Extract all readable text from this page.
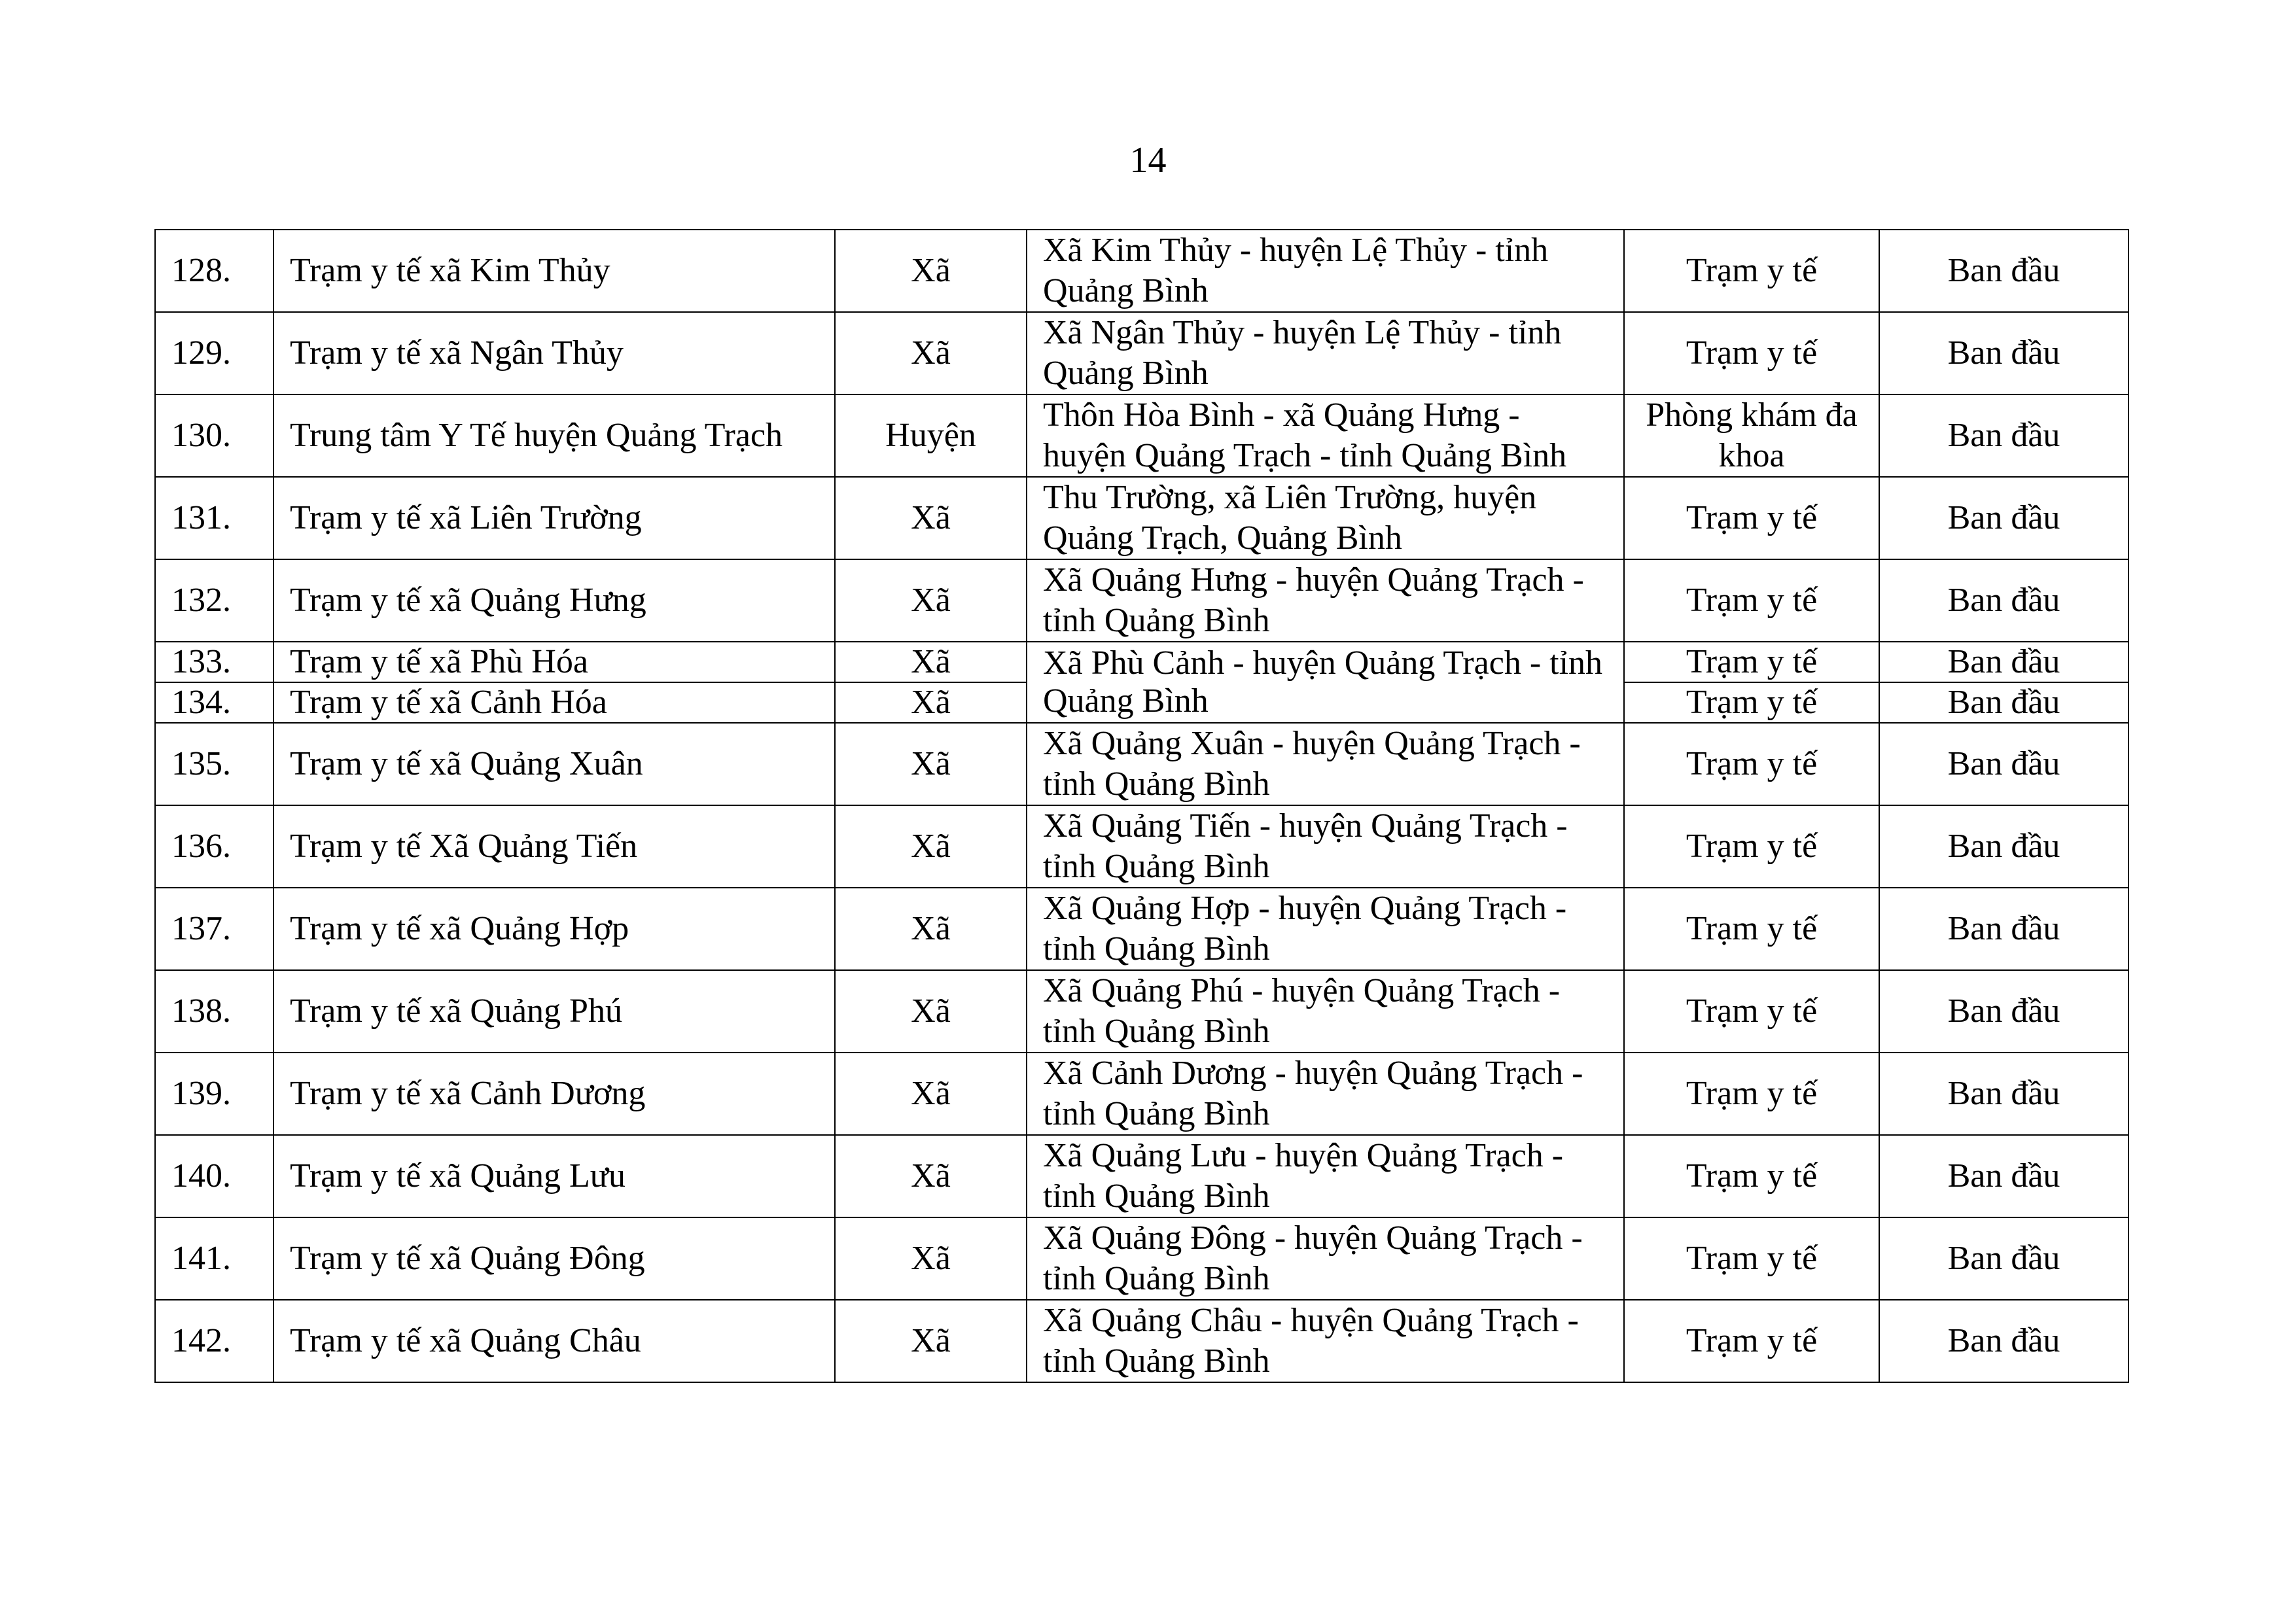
14
128.	Trạm y tế xã Kim Thủy	Xã	Xã Kim Thủy - huyện Lệ Thủy - tỉnh Quảng Bình	Trạm y tế	Ban đầu
129.	Trạm y tế xã Ngân Thủy	Xã	Xã Ngân Thủy - huyện Lệ Thủy - tỉnh Quảng Bình	Trạm y tế	Ban đầu
130.	Trung tâm Y Tế huyện Quảng Trạch	Huyện	Thôn Hòa Bình - xã Quảng Hưng - huyện Quảng Trạch - tỉnh Quảng Bình	Phòng khám đa khoa	Ban đầu
131.	Trạm y tế xã Liên Trường	Xã	Thu Trường, xã Liên Trường, huyện Quảng Trạch, Quảng Bình	Trạm y tế	Ban đầu
132.	Trạm y tế xã Quảng Hưng	Xã	Xã Quảng Hưng - huyện Quảng Trạch - tỉnh Quảng Bình	Trạm y tế	Ban đầu
133.	Trạm y tế xã Phù Hóa	Xã	Xã Phù Cảnh - huyện Quảng Trạch - tỉnh Quảng Bình	Trạm y tế	Ban đầu
134.	Trạm y tế xã Cảnh Hóa	Xã		Trạm y tế	Ban đầu
135.	Trạm y tế xã Quảng Xuân	Xã	Xã Quảng Xuân - huyện Quảng Trạch - tỉnh Quảng Bình	Trạm y tế	Ban đầu
136.	Trạm y tế Xã Quảng Tiến	Xã	Xã Quảng Tiến - huyện Quảng Trạch - tỉnh Quảng Bình	Trạm y tế	Ban đầu
137.	Trạm y tế xã Quảng Hợp	Xã	Xã Quảng Hợp - huyện Quảng Trạch - tỉnh Quảng Bình	Trạm y tế	Ban đầu
138.	Trạm y tế xã Quảng Phú	Xã	Xã Quảng Phú - huyện Quảng Trạch - tỉnh Quảng Bình	Trạm y tế	Ban đầu
139.	Trạm y tế xã Cảnh Dương	Xã	Xã Cảnh Dương - huyện Quảng Trạch - tỉnh Quảng Bình	Trạm y tế	Ban đầu
140.	Trạm y tế xã Quảng Lưu	Xã	Xã Quảng Lưu - huyện Quảng Trạch - tỉnh Quảng Bình	Trạm y tế	Ban đầu
141.	Trạm y tế xã Quảng Đông	Xã	Xã Quảng Đông - huyện Quảng Trạch - tỉnh Quảng Bình	Trạm y tế	Ban đầu
142.	Trạm y tế xã Quảng Châu	Xã	Xã Quảng Châu - huyện Quảng Trạch - tỉnh Quảng Bình	Trạm y tế	Ban đầu
